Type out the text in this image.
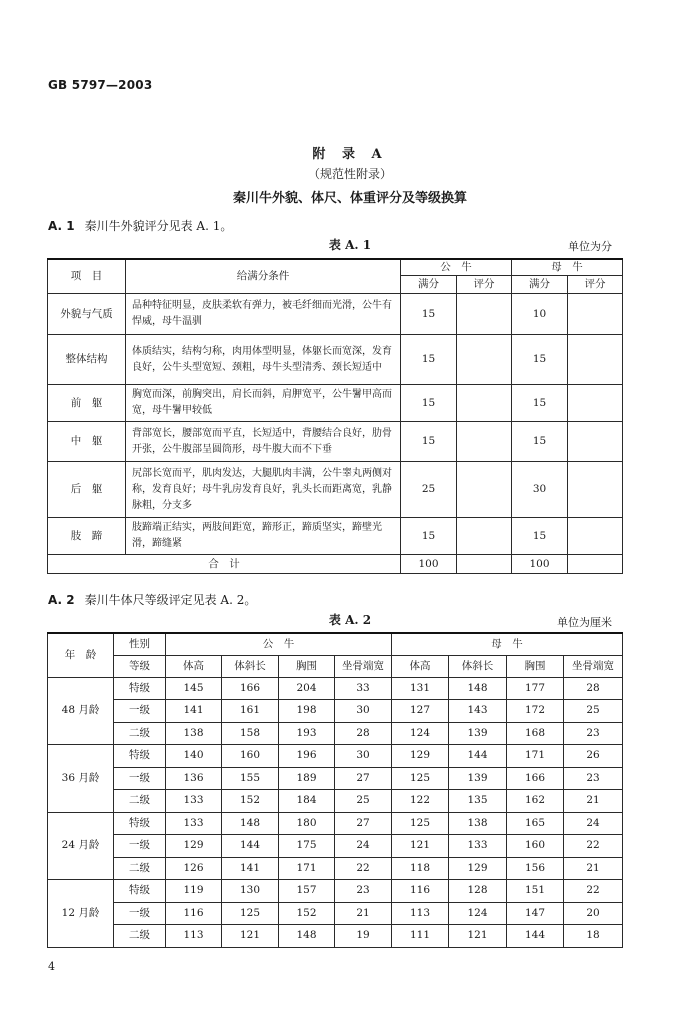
GB 5797—2003
附 录 A
（规范性附录）
秦川牛外貌、体尺、体重评分及等级换算
A. 1 秦川牛外貌评分见表 A. 1。
表 A. 1	单位为分
项　目	给满分条件	公　牛		母　牛	
		满分	评分	满分	评分
外貌与气质	品种特征明显，皮肤柔软有弹力，被毛纤细而光滑，公牛有悍威，母牛温驯	15		10	
整体结构	体质结实，结构匀称，肉用体型明显，体躯长而宽深，发育良好，公牛头型宽短、颈粗，母牛头型清秀、颈长短适中	15		15	
前　躯	胸宽而深，前胸突出，肩长而斜，肩胛宽平，公牛鬐甲高而宽，母牛鬐甲较低	15		15	
中　躯	背部宽长，腰部宽而平直，长短适中，背腰结合良好，肋骨开张，公牛腹部呈圆筒形，母牛腹大而不下垂	15		15	
后　躯	尻部长宽而平，肌肉发达，大腿肌肉丰满，公牛睾丸两侧对称，发育良好；母牛乳房发育良好，乳头长而距离宽，乳静脉粗，分支多	25		30	
肢　蹄	肢蹄端正结实，两肢间距宽，蹄形正，蹄质坚实，蹄壁光滑，蹄缝紧	15		15	
合　计		100		100	
A. 2 秦川牛体尺等级评定见表 A. 2。
表 A. 2	单位为厘米
年　龄	性别	公　牛				母　牛			
	等级	体高	体斜长	胸围	坐骨端宽	体高	体斜长	胸围	坐骨端宽
48 月龄	特级	145	166	204	33	131	148	177	28
	一级	141	161	198	30	127	143	172	25
	二级	138	158	193	28	124	139	168	23
36 月龄	特级	140	160	196	30	129	144	171	26
	一级	136	155	189	27	125	139	166	23
	二级	133	152	184	25	122	135	162	21
24 月龄	特级	133	148	180	27	125	138	165	24
	一级	129	144	175	24	121	133	160	22
	二级	126	141	171	22	118	129	156	21
12 月龄	特级	119	130	157	23	116	128	151	22
	一级	116	125	152	21	113	124	147	20
	二级	113	121	148	19	111	121	144	18
4
